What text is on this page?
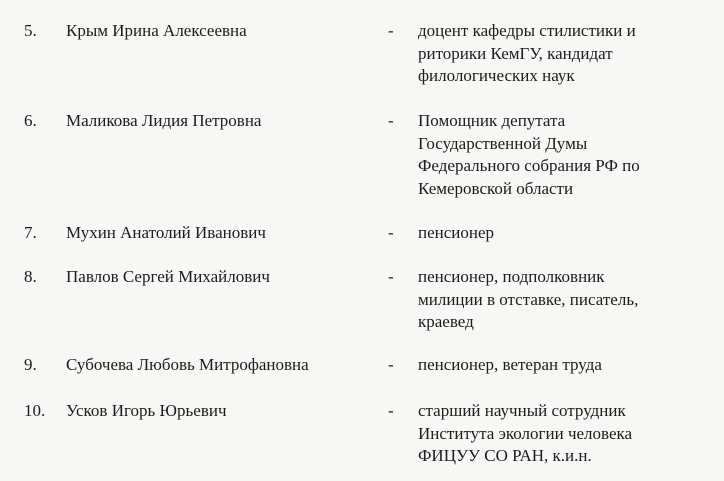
5. Крым Ирина Алексеевна	- доцент кафедры стилистики и
риторики КемГУ, кандидат
филологических наук
6. Маликова Лидия Петровна	- Помощник депутата
Государственной Думы
Федерального собрания РФ по
Кемеровской области
7. Мухин Анатолий Иванович	- пенсионер
8. Павлов Сергей Михайлович	- пенсионер, подполковник
милиции в отставке, писатель,
краевед
9. Субочева Любовь Митрофановна	- пенсионер, ветеран труда
10. Усков Игорь Юрьевич	- старший научный сотрудник
Института экологии человека
ФИЦУУ СО РАН, к.и.н.
